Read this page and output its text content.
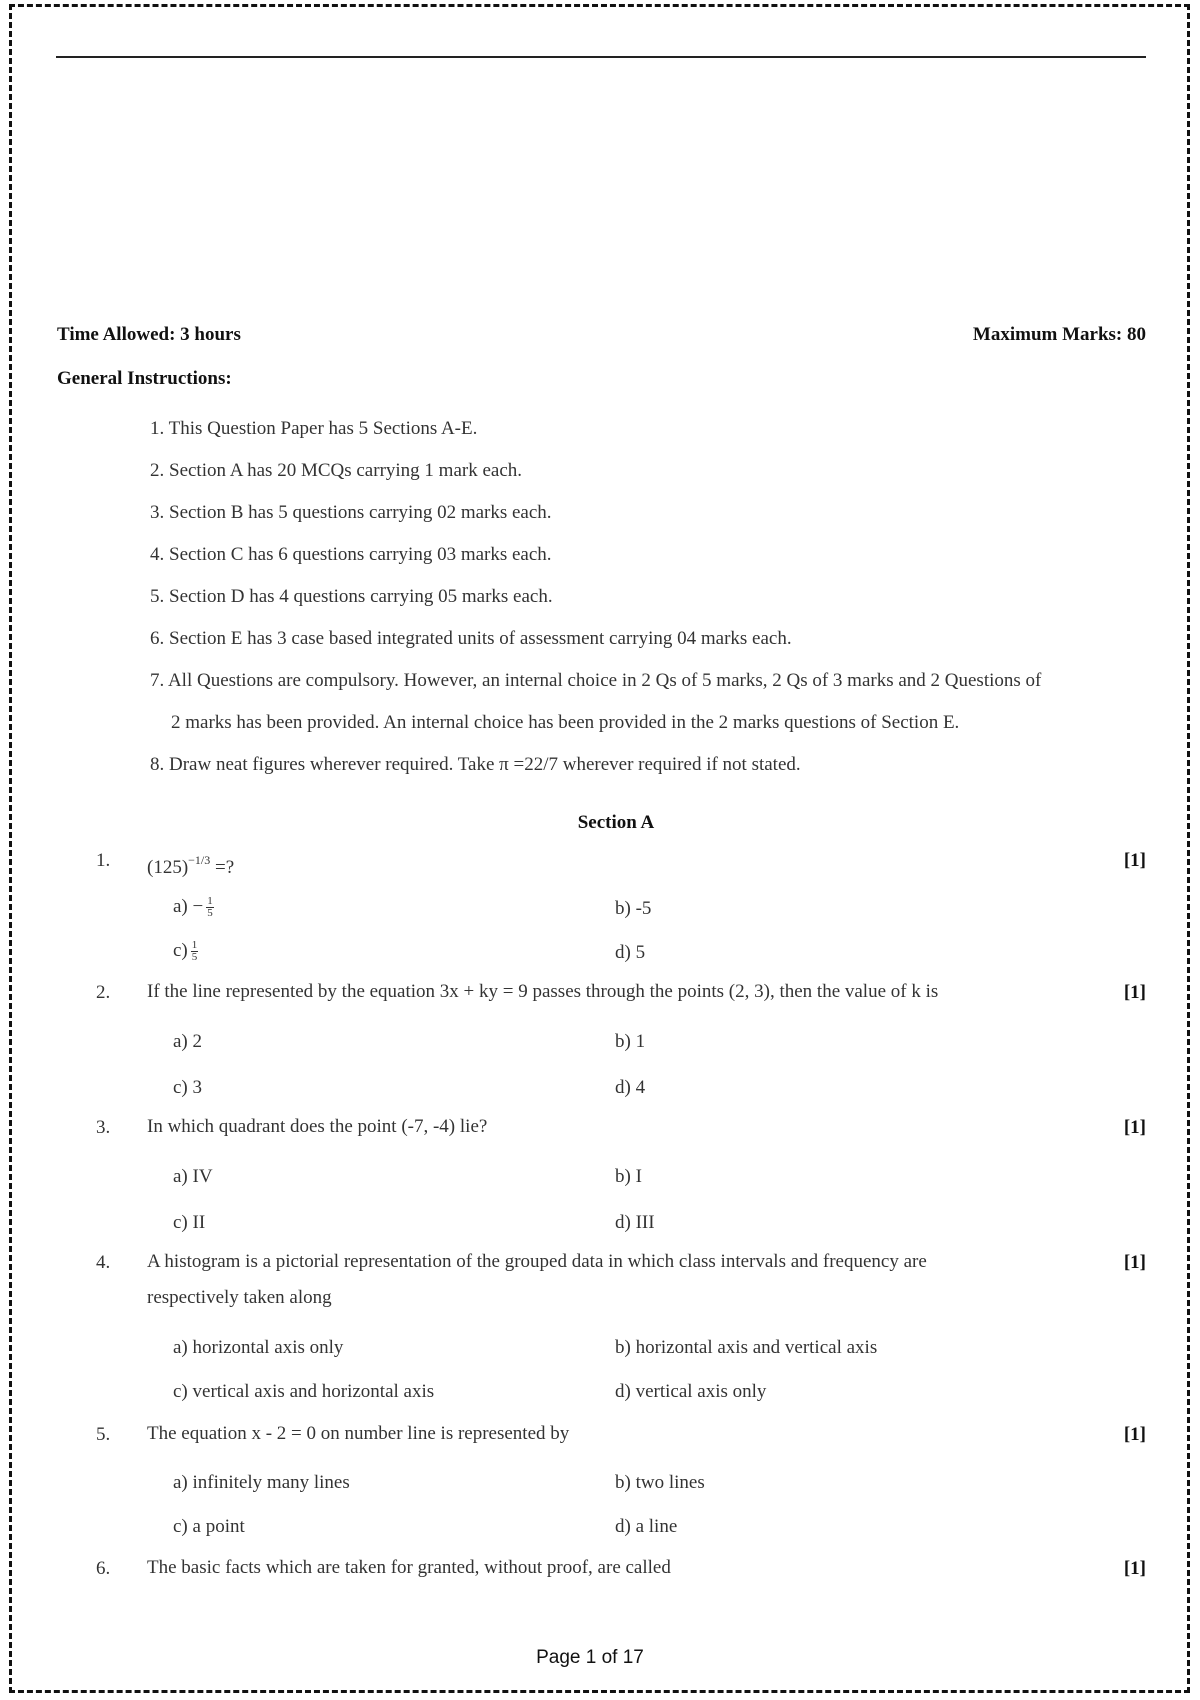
Time Allowed: 3 hours	Maximum Marks: 80
General Instructions:
1. This Question Paper has 5 Sections A-E.
2. Section A has 20 MCQs carrying 1 mark each.
3. Section B has 5 questions carrying 02 marks each.
4. Section C has 6 questions carrying 03 marks each.
5. Section D has 4 questions carrying 05 marks each.
6. Section E has 3 case based integrated units of assessment carrying 04 marks each.
7. All Questions are compulsory. However, an internal choice in 2 Qs of 5 marks, 2 Qs of 3 marks and 2 Questions of
2 marks has been provided. An internal choice has been provided in the 2 marks questions of Section E.
8. Draw neat figures wherever required. Take π =22/7 wherever required if not stated.
Section A
1. $(125)^{-1/3}$ =?	[1]
$a) - \frac{1}{5}$	b) -5
$c) \frac{1}{5}$	d) 5
2. If the line represented by the equation 3x + ky = 9 passes through the points (2, 3), then the value of k is	[1]
a) 2	b) 1
c) 3	d) 4
3. In which quadrant does the point (-7, -4) lie?	[1]
a) IV	b) I
c) II	d) III
4. A histogram is a pictorial representation of the grouped data in which class intervals and frequency are respectively taken along
[1]
a) horizontal axis only	b) horizontal axis and vertical axis
c) vertical axis and horizontal axis	d) vertical axis only
5. The equation x - 2 = 0 on number line is represented by	[1]
a) infinitely many lines	b) two lines
c) a point	d) a line
6. The basic facts which are taken for granted, without proof, are called	[1]
Page 1 of 17
